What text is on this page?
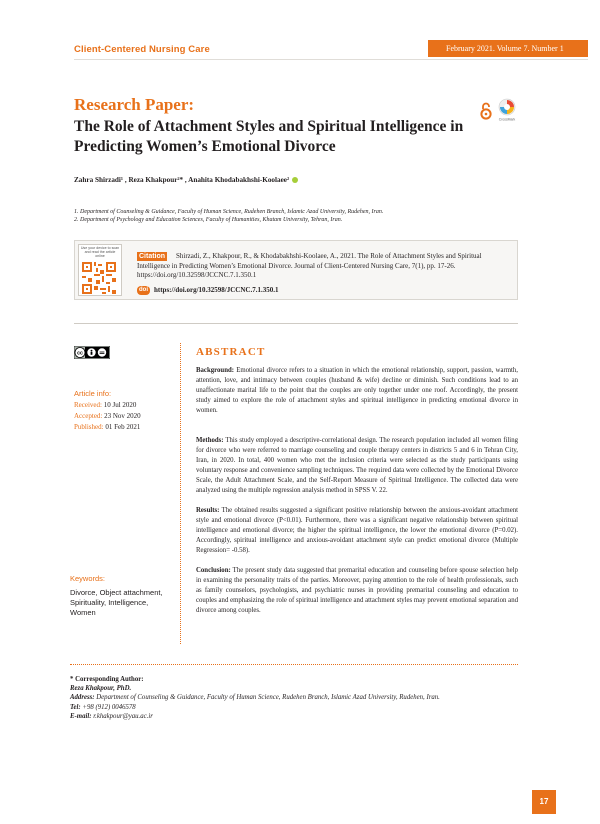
Client-Centered Nursing Care	February 2021. Volume 7. Number 1
Research Paper:
The Role of Attachment Styles and Spiritual Intelligence in Predicting Women’s Emotional Divorce
CrossMark
Zahra Shirzadi¹ , Reza Khakpour²* , Anahita Khodabakhshi-Koolaee²
1. Department of Counseling & Guidance, Faculty of Human Science, Rudehen Branch, Islamic Azad University, Rudehen, Iran.
2. Department of Psychology and Education Sciences, Faculty of Humanities, Khatam University, Tehran, Iran.
Use your device to scan and read the article online	Shirzadi, Z., Khakpour, R., & Khodabakhshi-Koolaee, A., 2021. The Role of Attachment Styles and Spiritual Intelligence in Predicting Women’s Emotional Divorce. Journal of Client-Centered Nursing Care, 7(1), pp. 17-26. https://doi.org/10.32598/JCCNC.7.1.350.1
Citation
doi https://doi.org/10.32598/JCCNC.7.1.350.1
cc
Article info:
Received: 10 Jul 2020
Accepted: 23 Nov 2020
Published: 01 Feb 2021
Keywords:
Divorce, Object attachment, Spirituality, Intelligence, Women
ABSTRACT
Background: Emotional divorce refers to a situation in which the emotional relationship, support, passion, warmth, attention, love, and intimacy between couples (husband & wife) decline or diminish. Such conditions lead to an unaffectionate marital life to the point that the couples are only together under one roof. Accordingly, the present study aimed to explore the role of attachment styles and spiritual intelligence in predicting emotional divorce in women.
Methods: This study employed a descriptive-correlational design. The research population included all women filing for divorce who were referred to marriage counseling and couple therapy centers in districts 5 and 6 in Tehran City, Iran, in 2020. In total, 400 women who met the inclusion criteria were selected as the study participants using voluntary response and convenience sampling techniques. The required data were collected by the Emotional Divorce Scale, the Adult Attachment Scale, and the Self-Report Measure of Spiritual Intelligence. The collected data were analyzed using the multiple regression analysis method in SPSS V. 22.
Results: The obtained results suggested a significant positive relationship between the anxious-avoidant attachment style and emotional divorce (P<0.01). Furthermore, there was a significant negative relationship between spiritual intelligence and emotional divorce; the higher the spiritual intelligence, the lower the emotional divorce (P=0.02). Accordingly, spiritual intelligence and anxious-avoidant attachment style can predict emotional divorce (Multiple Regression= -0.58).
Conclusion: The present study data suggested that premarital education and counseling before spouse selection help in examining the personality traits of the parties. Moreover, paying attention to the role of health professionals, such as family counselors, psychologists, and psychiatric nurses in providing premarital counseling and education to couples and emphasizing the role of spiritual intelligence and attachment styles may prevent emotional separation and divorce among couples.
* Corresponding Author:
Reza Khakpour, PhD.
Address: Department of Counseling & Guidance, Faculty of Human Science, Rudehen Branch, Islamic Azad University, Rudehen, Iran.
Tel: +98 (912) 0046578
E-mail: r.khakpour@yau.ac.ir
17
